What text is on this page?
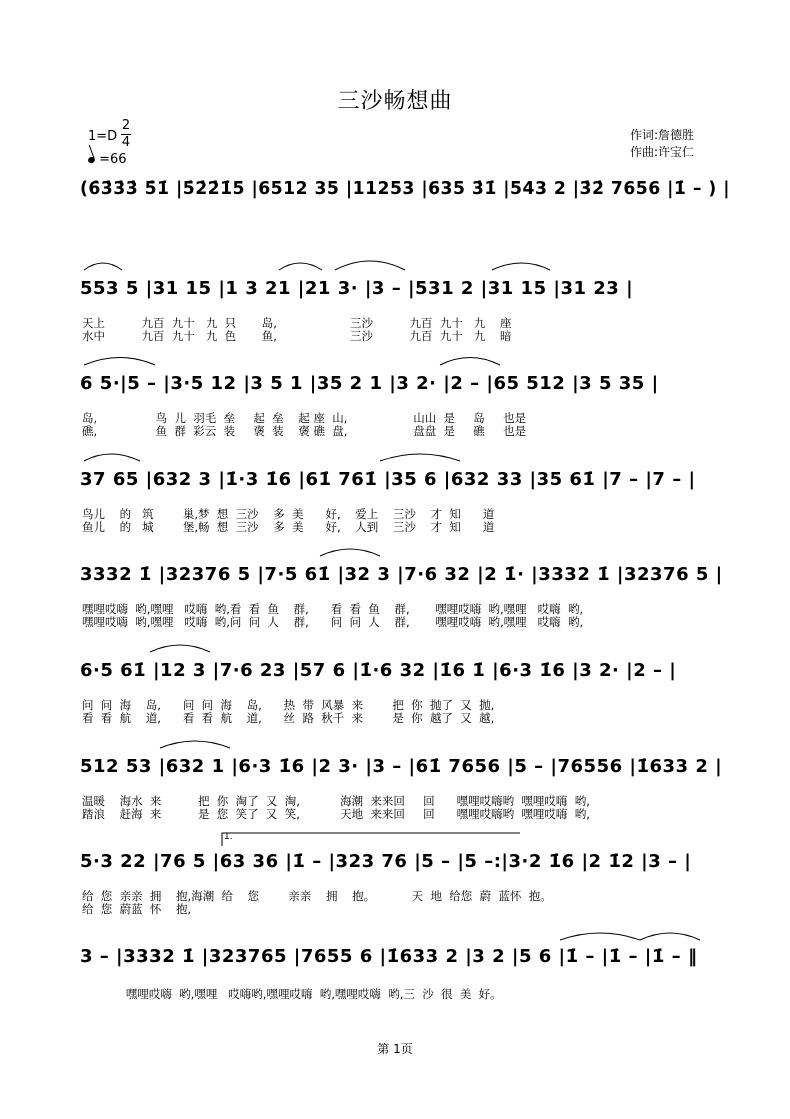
三沙畅想曲
1=D
2
4
=66
作词:詹德胜
作曲:许宝仁
(6̇3̇3̇3̇ 5̇1̇ |5̇2̇2̇1̇5 |6512 35 |11253 |635 3̇1̇ |543 2 |3̇2̇ 7656 |1̇ – ) |
553 5 |31 15 |1 3 21 |21 3· |3 – |531 2 |31 15 |31 23 |
天上          九百  九十   九  只       岛,                    三沙          九百  九十   九    座
水中          九百  九十   九  色       鱼,                    三沙          九百  九十   九    暗
6 5·|5 – |3·5 12 |3 5 1 |35 2 1 |3 2· |2 – |65 512 |3 5 35 |
岛,                鸟  儿  羽毛  垒     起  垒    起 座  山,                  山山  是     岛     也是
礁,                鱼  群  彩云  装     褒  装    褒 礁  盘,                  盘盘  是     礁     也是
37 65 |632 3 |1̇·3 1̇6 |61̇ 761̇ |35 6 |632 33 |35 61̇ |7 – |7 – |
鸟儿    的   筑        巢,梦  想  三沙    多  美      好,    爱上    三沙    才  知      道
鱼儿    的   城        堡,畅  想  三沙    多  美      好,    人到    三沙    才  知      道
3332 1̇ |32376 5 |7·5 61̇ |32 3 |7·6 32 |2 1̇· |3332 1̇ |32376 5 |
嘿哩哎嗨  哟,嘿哩   哎嗨  哟,看  看  鱼    群,      看  看  鱼    群,       嘿哩哎嗨  哟,嘿哩   哎嗨  哟,
嘿哩哎嗨  哟,嘿哩   哎嗨  哟,问  问  人    群,      问  问  人    群,       嘿哩哎嗨  哟,嘿哩   哎嗨  哟,
6·5 61̇ |12 3 |7·6 23 |57 6 |1̇·6 32 |1̇6 1̇ |6·3 1̇6 |3 2· |2 – |
问  问  海    岛,      问  问  海    岛,      热  带  风暴  来        把  你  抛了  又  抛,
看  看  航    道,      看  看  航    道,      丝  路  秋千  来        是  你  越了  又  越,
512 53 |632 1 |6·3 1̇6 |2 3· |3 – |61̇ 7656 |5 – |76556 |1̇633 2 |
温暖    海水  来          把  你  淘了  又  淘,           海潮  来来回     回      嘿哩哎嗨哟  嘿哩哎嗨  哟,
踏浪    赶海  来          是  您  笑了  又  笑,           天地  来来回     回      嘿哩哎嗨哟  嘿哩哎嗨  哟,
1.
5·3 22 |76 5 |63 36 |1̇ – |323 76 |5 – |5 –:|3·2 1̇6 |2 1̇2 |3 – |
给  您  亲亲  拥    抱,海潮  给    您        亲亲    拥    抱。          天  地  给您  蔚  蓝怀  抱。
给  您  蔚蓝  怀    抱,
3 – |3332 1̇ |323765 |7655 6 |1̇633 2 |3 2 |5 6 |1̇ – |1̇ – |1̇ – ‖
嘿哩哎嗨  哟,嘿哩   哎嗨哟,嘿哩哎嗨  哟,嘿哩哎嗨  哟,三  沙  很  美  好。
第 1页
